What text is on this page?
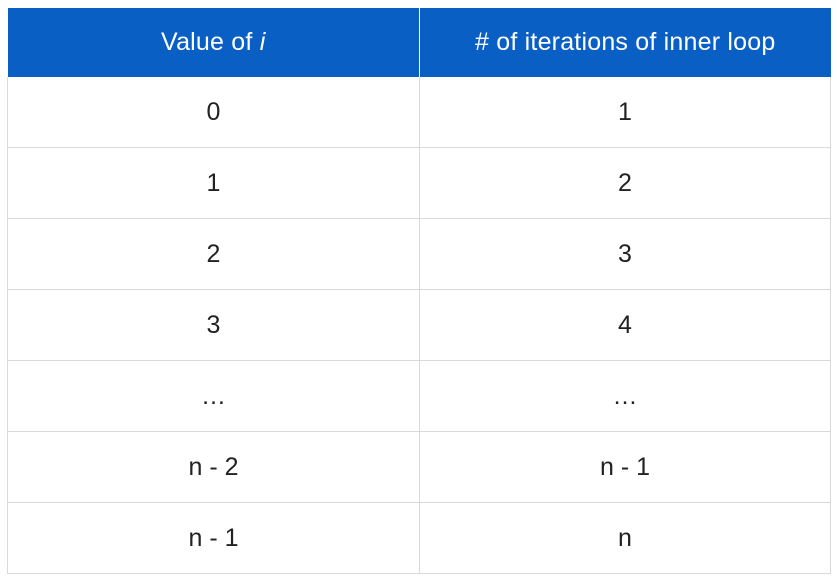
Value of i	# of iterations of inner loop
0	1
1	2
2	3
3	4
…	…
n - 2	n - 1
n - 1	n
